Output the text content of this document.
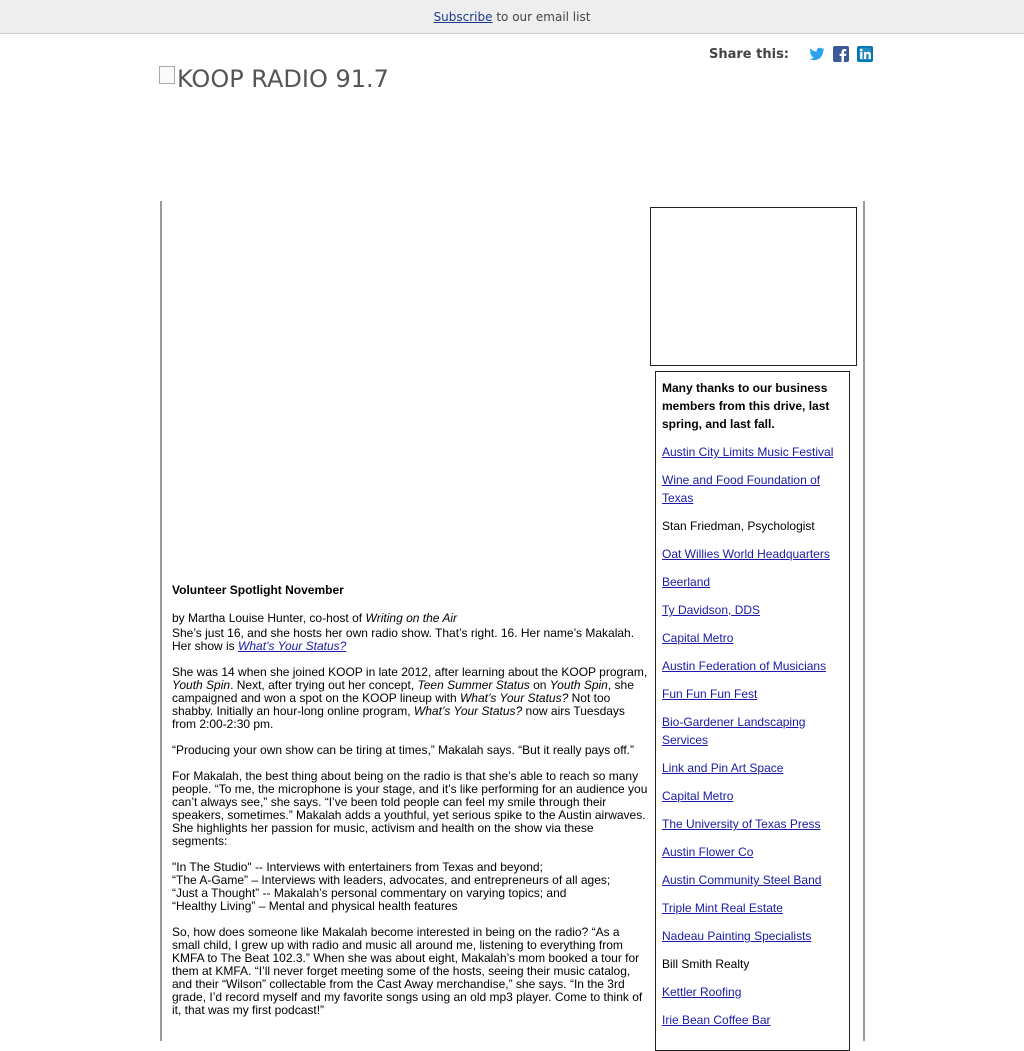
Subscribe to our email list
Share this:
KOOP RADIO 91.7
Many thanks to our business members from this drive, last spring, and last fall.
Austin City Limits Music Festival
Wine and Food Foundation of Texas
Stan Friedman, Psychologist
Oat Willies World Headquarters
Beerland
Ty Davidson, DDS
Capital Metro
Austin Federation of Musicians
Fun Fun Fun Fest
Bio-Gardener Landscaping Services
Link and Pin Art Space
Capital Metro
The University of Texas Press
Austin Flower Co
Austin Community Steel Band
Triple Mint Real Estate
Nadeau Painting Specialists
Bill Smith Realty
Kettler Roofing
Irie Bean Coffee Bar
Volunteer Spotlight November
by Martha Louise Hunter, co-host of Writing on the Air

She’s just 16, and she hosts her own radio show. That’s right. 16. Her name’s Makalah. Her show is What’s Your Status?

She was 14 when she joined KOOP in late 2012, after learning about the KOOP program, Youth Spin. Next, after trying out her concept, Teen Summer Status on Youth Spin, she campaigned and won a spot on the KOOP lineup with What’s Your Status? Not too shabby. Initially an hour-long online program, What’s Your Status? now airs Tuesdays from 2:00-2:30 pm.

“Producing your own show can be tiring at times,” Makalah says. “But it really pays off.”

For Makalah, the best thing about being on the radio is that she’s able to reach so many people. “To me, the microphone is your stage, and it’s like performing for an audience you can’t always see,” she says. “I’ve been told people can feel my smile through their speakers, sometimes.” Makalah adds a youthful, yet serious spike to the Austin airwaves. She highlights her passion for music, activism and health on the show via these segments:

"In The Studio" -- Interviews with entertainers from Texas and beyond;
“The A-Game” – Interviews with leaders, advocates, and entrepreneurs of all ages;
“Just a Thought” -- Makalah’s personal commentary on varying topics; and
“Healthy Living” – Mental and physical health features

So, how does someone like Makalah become interested in being on the radio? “As a small child, I grew up with radio and music all around me, listening to everything from KMFA to The Beat 102.3.” When she was about eight, Makalah’s mom booked a tour for them at KMFA. “I’ll never forget meeting some of the hosts, seeing their music catalog, and their “Wilson” collectable from the Cast Away merchandise,” she says. “In the 3rd grade, I’d record myself and my favorite songs using an old mp3 player. Come to think of it, that was my first podcast!”
